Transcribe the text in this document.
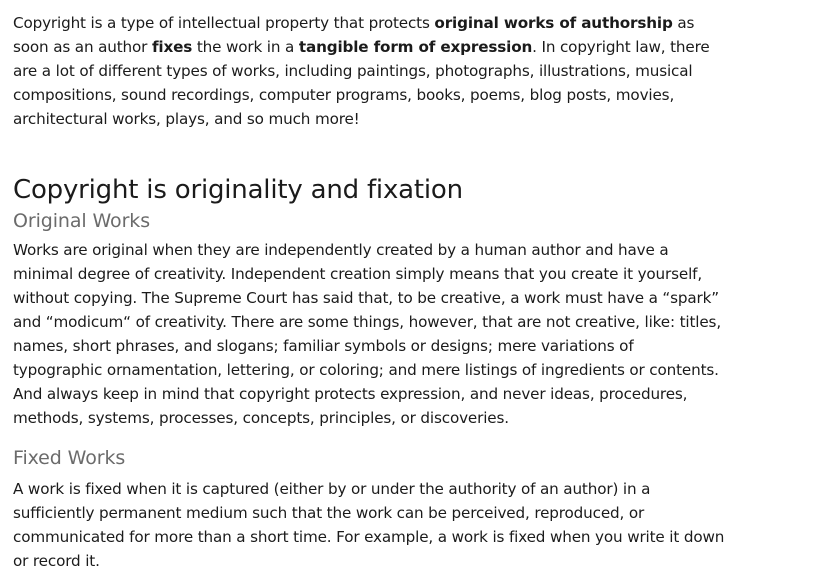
Copyright is a type of intellectual property that protects original works of authorship as soon as an author fixes the work in a tangible form of expression. In copyright law, there are a lot of different types of works, including paintings, photographs, illustrations, musical compositions, sound recordings, computer programs, books, poems, blog posts, movies, architectural works, plays, and so much more!

Copyright is originality and fixation
Original Works

Works are original when they are independently created by a human author and have a minimal degree of creativity. Independent creation simply means that you create it yourself, without copying. The Supreme Court has said that, to be creative, a work must have a “spark” and “modicum“ of creativity. There are some things, however, that are not creative, like: titles, names, short phrases, and slogans; familiar symbols or designs; mere variations of typographic ornamentation, lettering, or coloring; and mere listings of ingredients or contents. And always keep in mind that copyright protects expression, and never ideas, procedures, methods, systems, processes, concepts, principles, or discoveries.

Fixed Works

A work is fixed when it is captured (either by or under the authority of an author) in a sufficiently permanent medium such that the work can be perceived, reproduced, or communicated for more than a short time. For example, a work is fixed when you write it down or record it.
